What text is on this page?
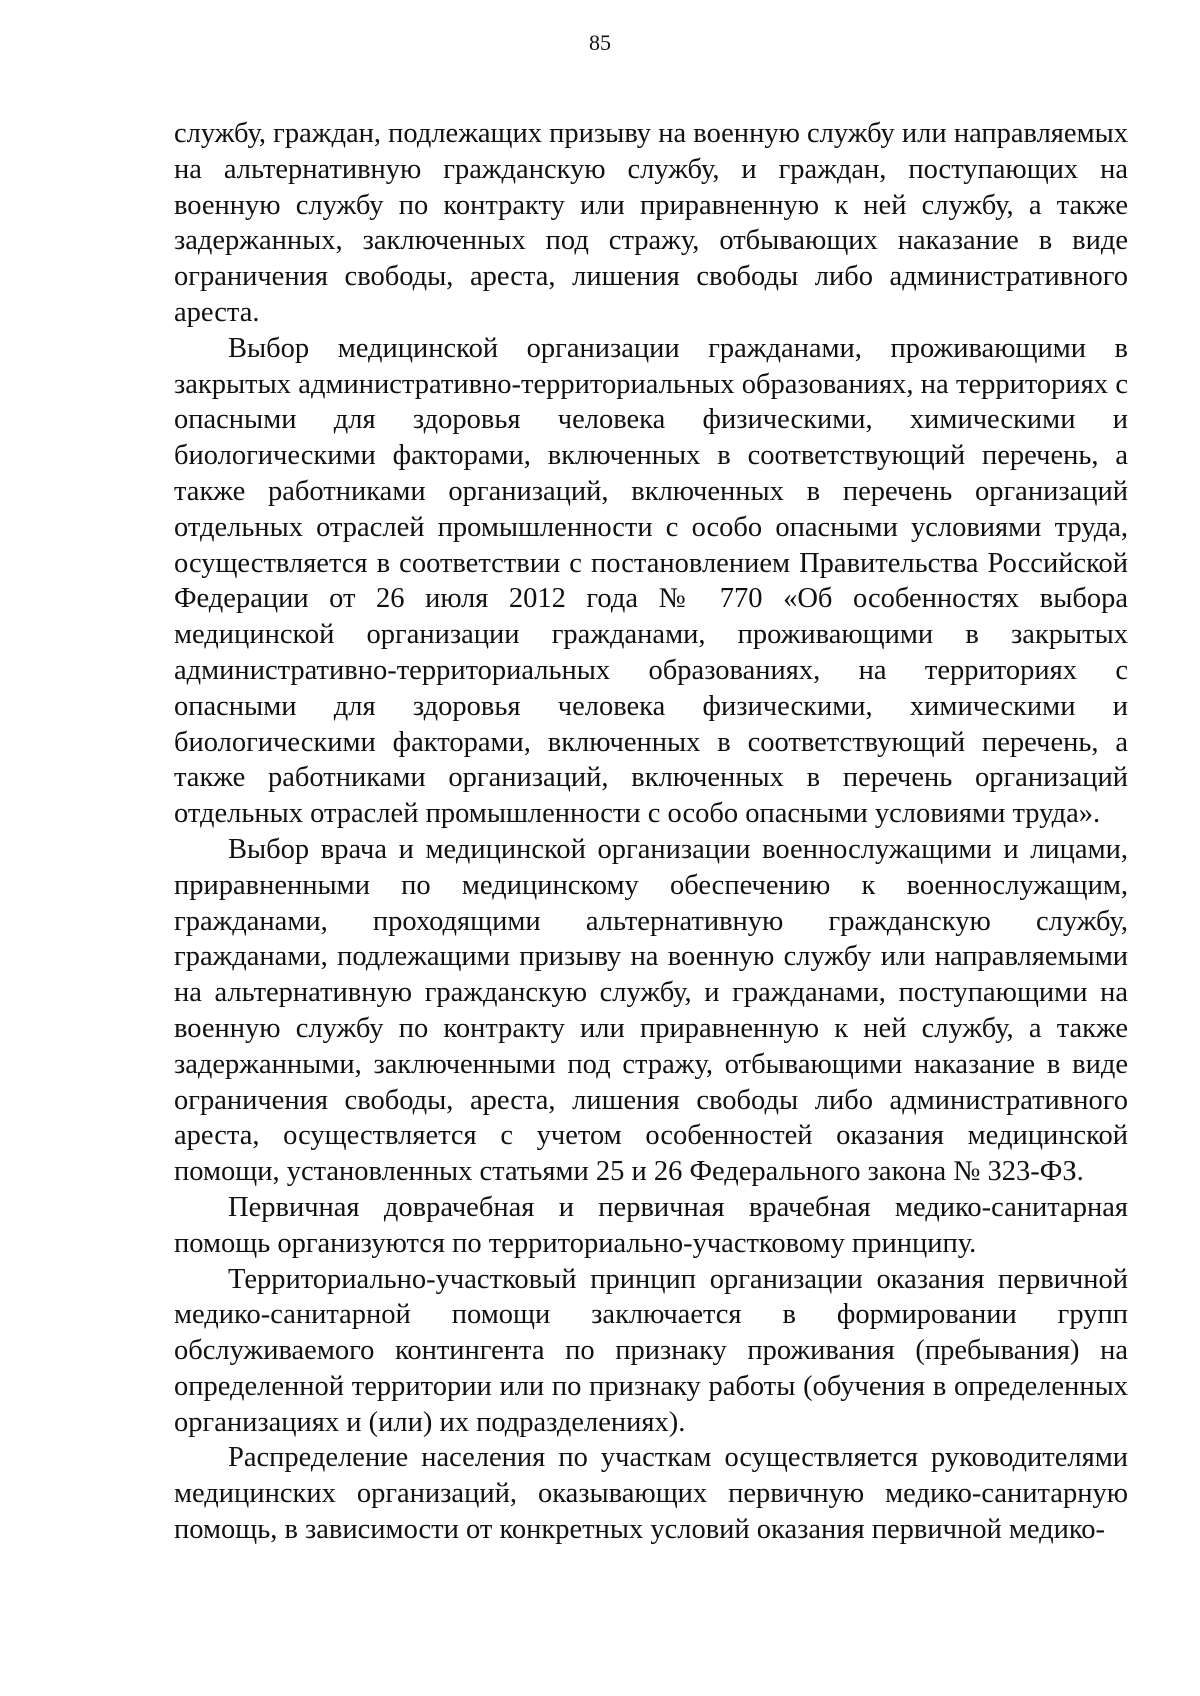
85

службу, граждан, подлежащих призыву на военную службу или направляемых на альтернативную гражданскую службу, и граждан, поступающих на военную службу по контракту или приравненную к ней службу, а также задержанных, заключенных под стражу, отбывающих наказание в виде ограничения свободы, ареста, лишения свободы либо административного ареста.

Выбор медицинской организации гражданами, проживающими в закрытых административно-территориальных образованиях, на территориях с опасными для здоровья человека физическими, химическими и биологическими факторами, включенных в соответствующий перечень, а также работниками организаций, включенных в перечень организаций отдельных отраслей промышленности с особо опасными условиями труда, осуществляется в соответствии с постановлением Правительства Российской Федерации от 26 июля 2012 года № 770 «Об особенностях выбора медицинской организации гражданами, проживающими в закрытых административно-территориальных образованиях, на территориях с опасными для здоровья человека физическими, химическими и биологическими факторами, включенных в соответствующий перечень, а также работниками организаций, включенных в перечень организаций отдельных отраслей промышленности с особо опасными условиями труда».

Выбор врача и медицинской организации военнослужащими и лицами, приравненными по медицинскому обеспечению к военнослужащим, гражданами, проходящими альтернативную гражданскую службу, гражданами, подлежащими призыву на военную службу или направляемыми на альтернативную гражданскую службу, и гражданами, поступающими на военную службу по контракту или приравненную к ней службу, а также задержанными, заключенными под стражу, отбывающими наказание в виде ограничения свободы, ареста, лишения свободы либо административного ареста, осуществляется с учетом особенностей оказания медицинской помощи, установленных статьями 25 и 26 Федерального закона № 323-ФЗ.

Первичная доврачебная и первичная врачебная медико-санитарная помощь организуются по территориально-участковому принципу.

Территориально-участковый принцип организации оказания первичной медико-санитарной помощи заключается в формировании групп обслуживаемого контингента по признаку проживания (пребывания) на определенной территории или по признаку работы (обучения в определенных организациях и (или) их подразделениях).

Распределение населения по участкам осуществляется руководителями медицинских организаций, оказывающих первичную медико-санитарную помощь, в зависимости от конкретных условий оказания первичной медико-
